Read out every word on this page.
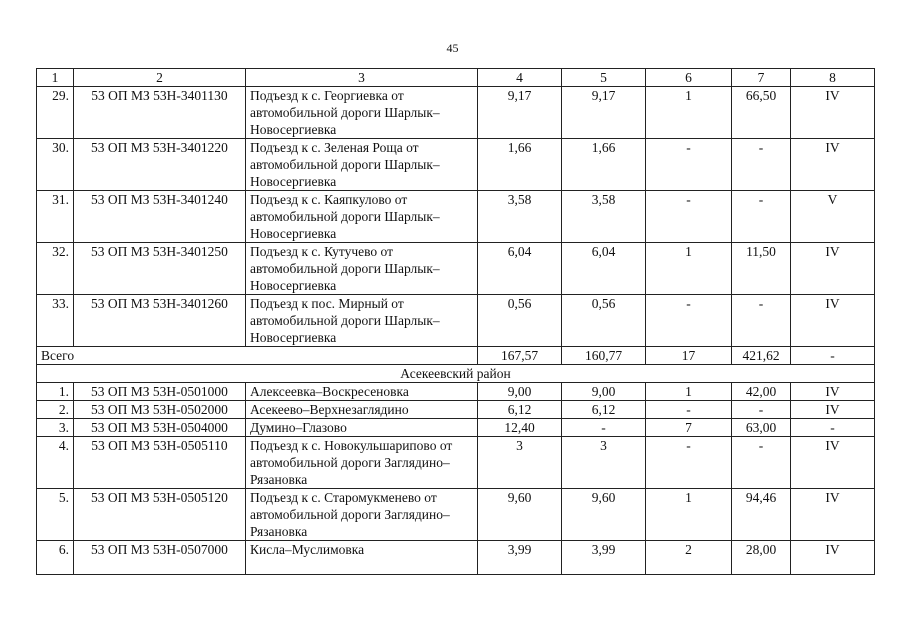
45
1	2	3	4	5	6	7	8
29.	53 ОП МЗ 53Н-3401130	Подъезд к с. Георгиевка от автомобильной дороги Шарлык–Новосергиевка	9,17	9,17	1	66,50	IV
30.	53 ОП МЗ 53Н-3401220	Подъезд к с. Зеленая Роща от автомобильной дороги Шарлык–Новосергиевка	1,66	1,66	-	-	IV
31.	53 ОП МЗ 53Н-3401240	Подъезд к с. Каяпкулово от автомобильной дороги Шарлык–Новосергиевка	3,58	3,58	-	-	V
32.	53 ОП МЗ 53Н-3401250	Подъезд к с. Кутучево от автомобильной дороги Шарлык–Новосергиевка	6,04	6,04	1	11,50	IV
33.	53 ОП МЗ 53Н-3401260	Подъезд к пос. Мирный от автомобильной дороги Шарлык–Новосергиевка	0,56	0,56	-	-	IV
Всего			167,57	160,77	17	421,62	-
Асекеевский район							
1.	53 ОП МЗ 53Н-0501000	Алексеевка–Воскресеновка	9,00	9,00	1	42,00	IV
2.	53 ОП МЗ 53Н-0502000	Асекеево–Верхнезаглядино	6,12	6,12	-	-	IV
3.	53 ОП МЗ 53Н-0504000	Думино–Глазово	12,40	-	7	63,00	-
4.	53 ОП МЗ 53Н-0505110	Подъезд к с. Новокульшарипово от автомобильной дороги Заглядино–Рязановка	3	3	-	-	IV
5.	53 ОП МЗ 53Н-0505120	Подъезд к с. Старомукменево от автомобильной дороги Заглядино–Рязановка	9,60	9,60	1	94,46	IV
6.	53 ОП МЗ 53Н-0507000	Кисла–Муслимовка	3,99	3,99	2	28,00	IV
